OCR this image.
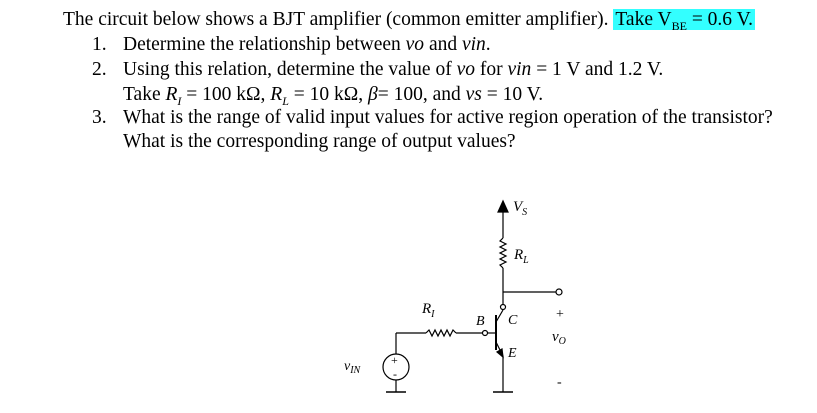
The circuit below shows a BJT amplifier (common emitter amplifier). Take $V_{BE} = 0.6$ V.
1. Determine the relationship between vo and vin.
2. Using this relation, determine the value of vo for vin = 1 V and 1.2 V.
Take $R_I = 100$ kΩ, $R_L = 10$ kΩ, β= 100, and vs = 10 V.
3. What is the range of valid input values for active region operation of the transistor?
What is the corresponding range of output values?
$V_S$
$R_L$
$R_I$	B C
E
+
$v_O$
-
$v_{IN}$
+
-
